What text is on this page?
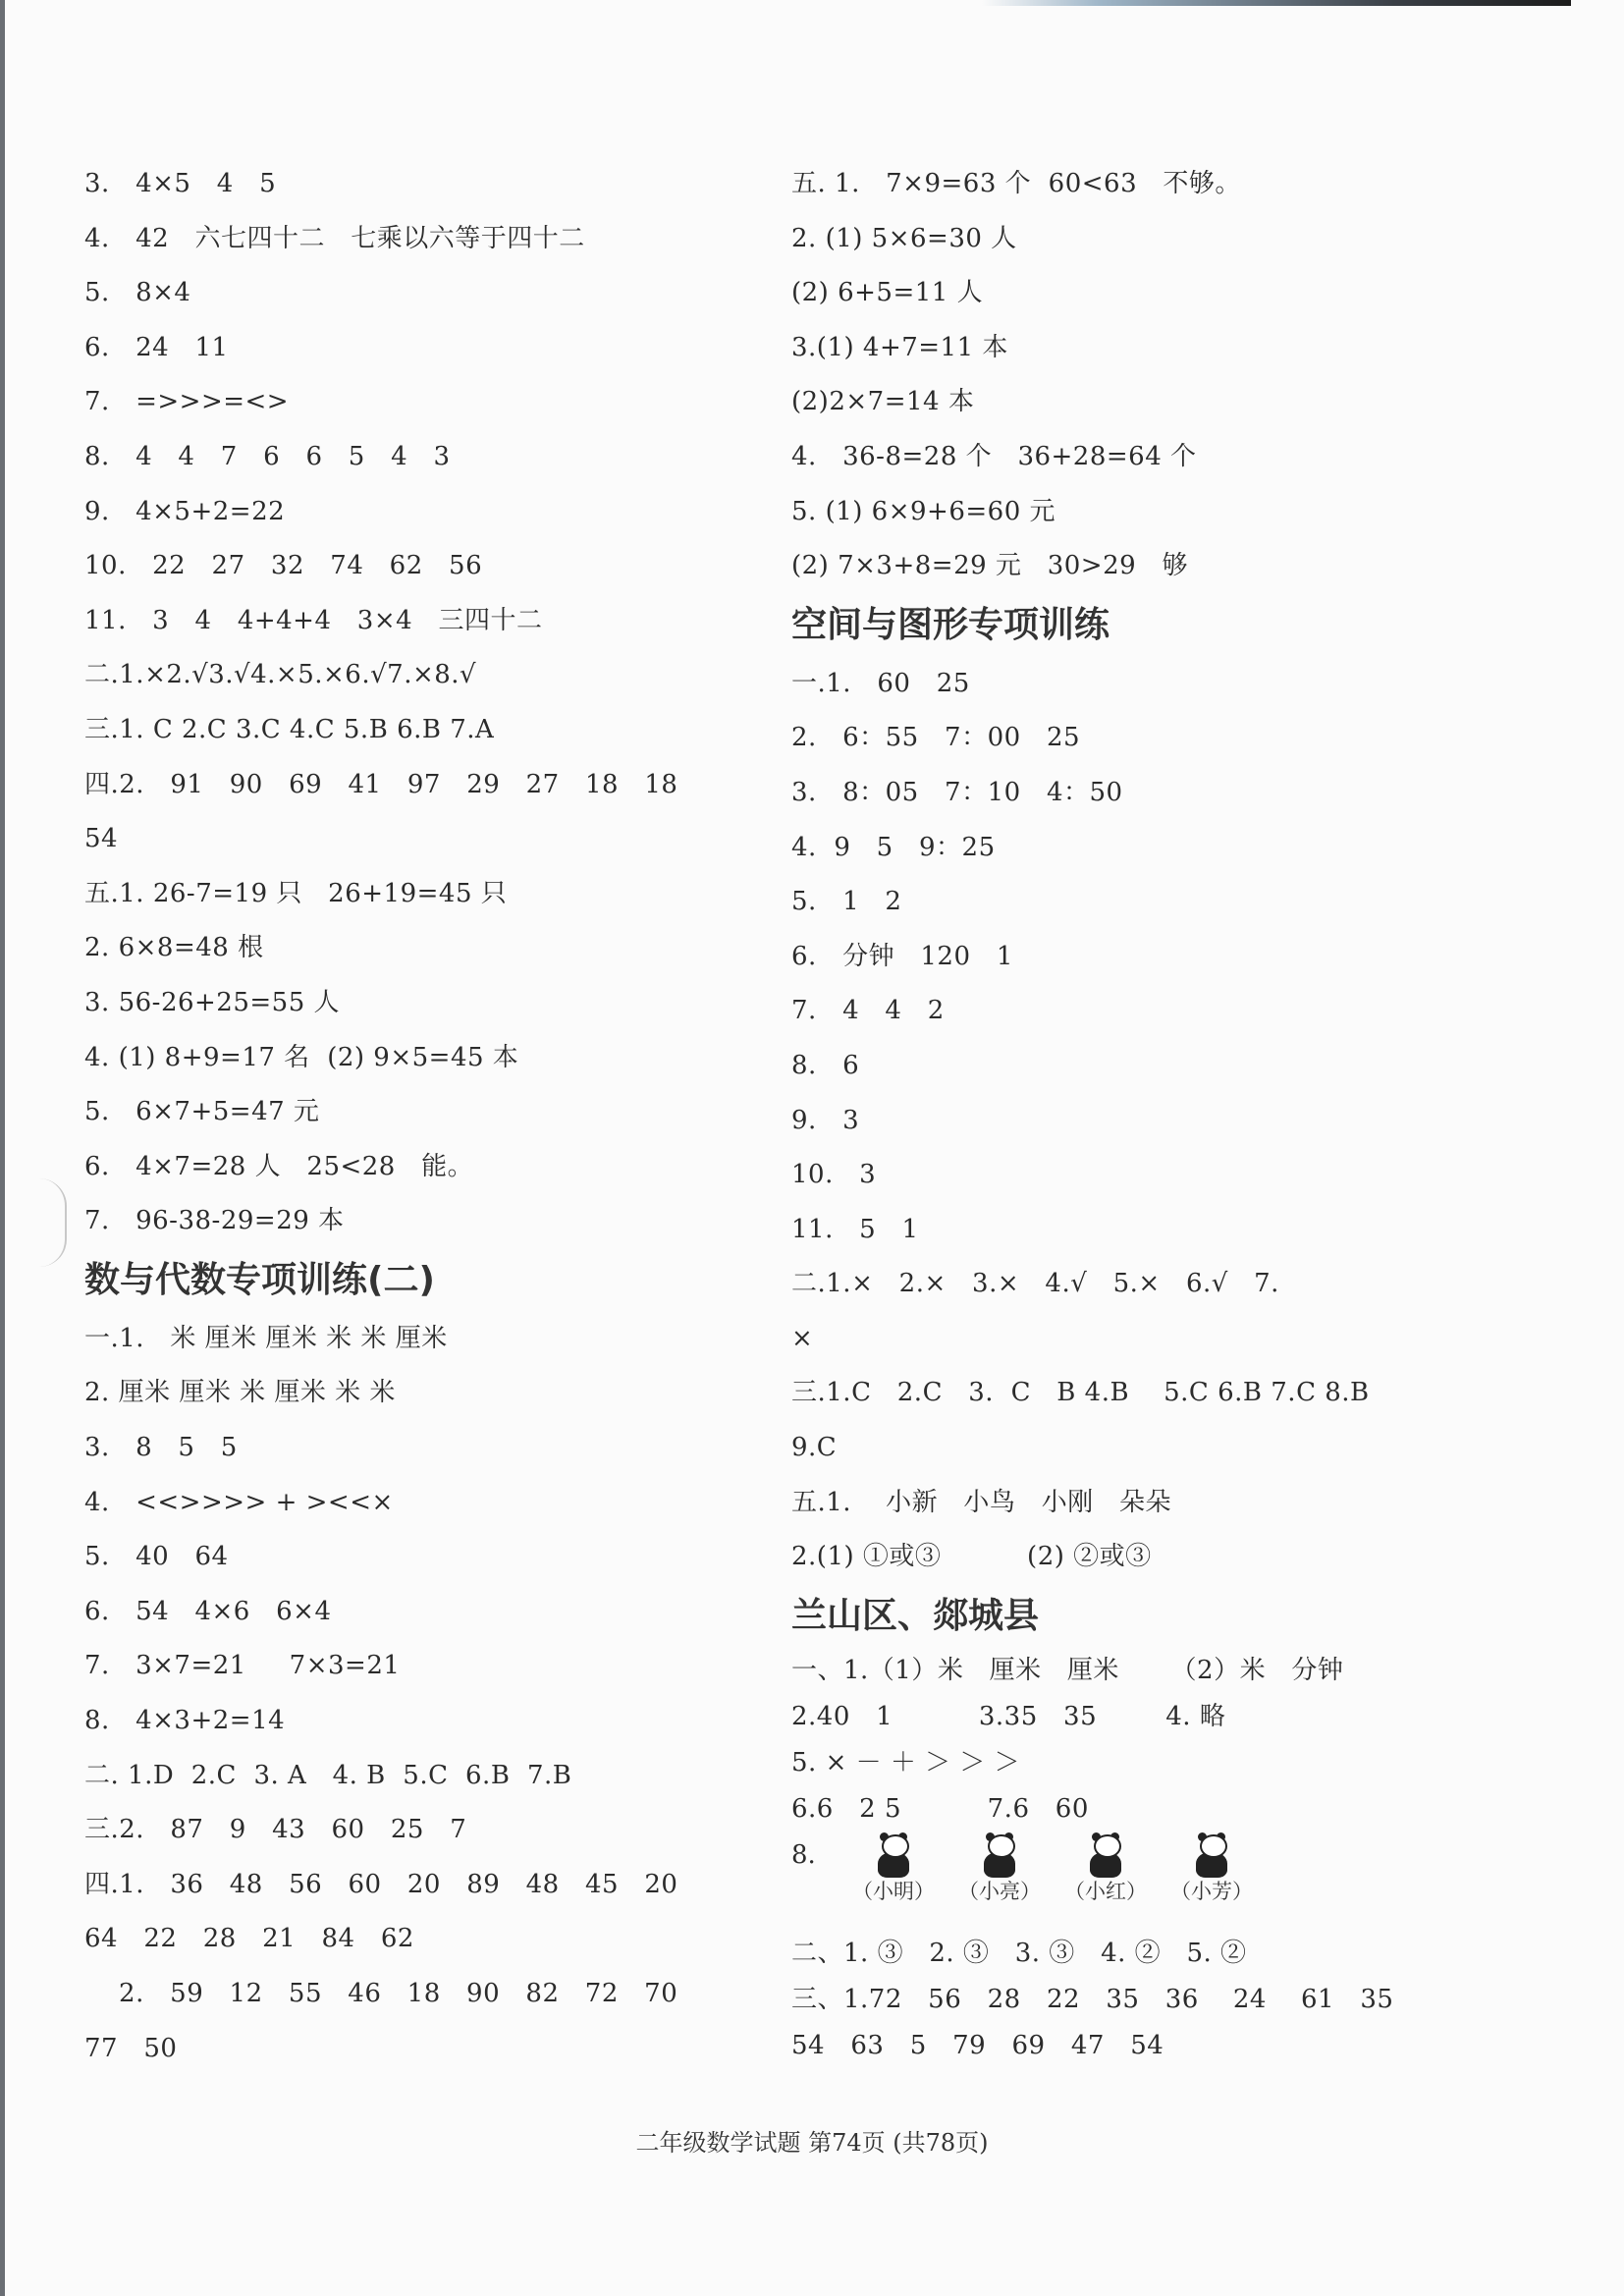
3.   4×5   4   5
4.   42   六七四十二   七乘以六等于四十二
5.   8×4
6.   24   11
7.   =>>>=<>
8.   4   4   7   6   6   5   4   3
9.   4×5+2=22
10.   22   27   32   74   62   56
11.   3   4   4+4+4   3×4   三四十二
二.1.×2.√3.√4.×5.×6.√7.×8.√
三.1. C 2.C 3.C 4.C 5.B 6.B 7.A
四.2.   91   90   69   41   97   29   27   18   18
54
五.1. 26-7=19 只   26+19=45 只
2. 6×8=48 根
3. 56-26+25=55 人
4. (1) 8+9=17 名  (2) 9×5=45 本
5.   6×7+5=47 元
6.   4×7=28 人   25<28   能。
7.   96-38-29=29 本
数与代数专项训练(二)
一.1.   米 厘米 厘米 米 米 厘米
2. 厘米 厘米 米 厘米 米 米
3.   8   5   5
4.   <<>>>> + ><<×
5.   40   64
6.   54   4×6   6×4
7.   3×7=21     7×3=21
8.   4×3+2=14
二. 1.D  2.C  3. A   4. B  5.C  6.B  7.B
三.2.   87   9   43   60   25   7
四.1.   36   48   56   60   20   89   48   45   20
64   22   28   21   84   62
2.   59   12   55   46   18   90   82   72   70
77   50
五. 1.   7×9=63 个  60<63   不够。
2. (1) 5×6=30 人
(2) 6+5=11 人
3.(1) 4+7=11 本
(2)2×7=14 本
4.   36-8=28 个   36+28=64 个
5. (1) 6×9+6=60 元
(2) 7×3+8=29 元   30>29   够
空间与图形专项训练
一.1.   60   25
2.   6：55   7：00   25
3.   8：05   7：10   4：50
4.  9   5   9：25
5.   1   2
6.   分钟   120   1
7.   4   4   2
8.   6
9.   3
10.   3
11.   5   1
二.1.×   2.×   3.×   4.√   5.×   6.√   7.
×
三.1.C   2.C   3.  C   B 4.B    5.C 6.B 7.C 8.B
9.C
五.1.    小新   小鸟   小刚   朵朵
2.(1) ①或③          (2) ②或③
兰山区、郯城县
一、1.（1）米   厘米   厘米      （2）米   分钟
2.40   1          3.35   35        4. 略
5. × － ＋ ＞ ＞ ＞
6.6   2 5          7.6   60
8.
（小明）	（小亮）	（小红）	（小芳）
二、1. ③   2. ③   3. ③   4. ②   5. ②
三、1.72   56   28   22   35   36    24    61   35
54   63   5   79   69   47   54
二年级数学试题 第74页 (共78页)
